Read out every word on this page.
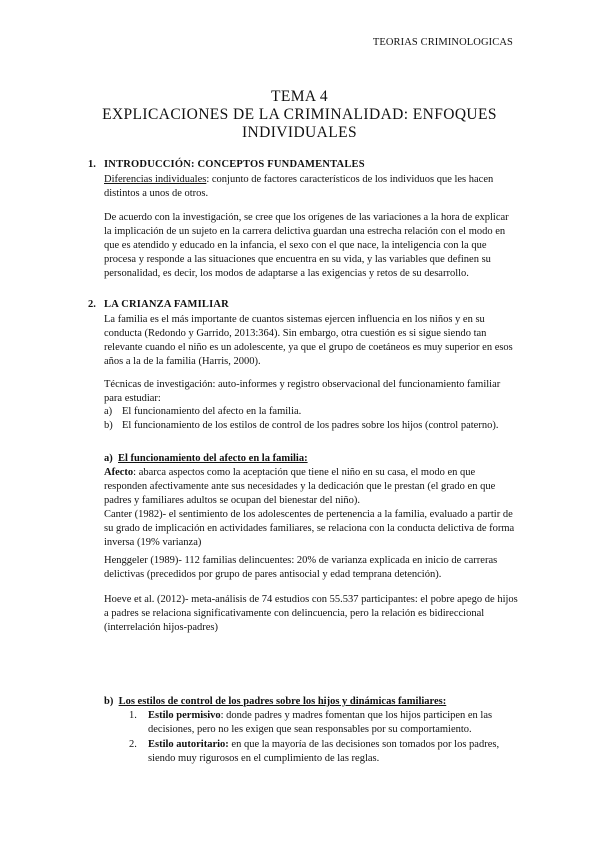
TEORIAS CRIMINOLOGICAS
TEMA 4
EXPLICACIONES DE LA CRIMINALIDAD: ENFOQUES
INDIVIDUALES
1. INTRODUCCIÓN: CONCEPTOS FUNDAMENTALES
Diferencias individuales: conjunto de factores característicos de los individuos que les hacen distintos a unos de otros.
De acuerdo con la investigación, se cree que los orígenes de las variaciones a la hora de explicar la implicación de un sujeto en la carrera delictiva guardan una estrecha relación con el modo en que es atendido y educado en la infancia, el sexo con el que nace, la inteligencia con la que procesa y responde a las situaciones que encuentra en su vida, y las variables que definen su personalidad, es decir, los modos de adaptarse a las exigencias y retos de su desarrollo.
2. LA CRIANZA FAMILIAR
La familia es el más importante de cuantos sistemas ejercen influencia en los niños y en su conducta (Redondo y Garrido, 2013:364). Sin embargo, otra cuestión es si sigue siendo tan relevante cuando el niño es un adolescente, ya que el grupo de coetáneos es muy superior en esos años a la de la familia (Harris, 2000).
Técnicas de investigación: auto-informes y registro observacional del funcionamiento familiar para estudiar:
a) El funcionamiento del afecto en la familia.
b) El funcionamiento de los estilos de control de los padres sobre los hijos (control paterno).
a) El funcionamiento del afecto en la familia:
Afecto: abarca aspectos como la aceptación que tiene el niño en su casa, el modo en que responden afectivamente ante sus necesidades y la dedicación que le prestan (el grado en que padres y familiares adultos se ocupan del bienestar del niño).
Canter (1982)- el sentimiento de los adolescentes de pertenencia a la familia, evaluado a partir de su grado de implicación en actividades familiares, se relaciona con la conducta delictiva de forma inversa (19% varianza)
Henggeler (1989)- 112 familias delincuentes: 20% de varianza explicada en inicio de carreras delictivas (precedidos por grupo de pares antisocial y edad temprana detención).
Hoeve et al. (2012)- meta-análisis de 74 estudios con 55.537 participantes: el pobre apego de hijos a padres se relaciona significativamente con delincuencia, pero la relación es bidireccional (interrelación hijos-padres)
b) Los estilos de control de los padres sobre los hijos y dinámicas familiares:
1. Estilo permisivo: donde padres y madres fomentan que los hijos participen en las decisiones, pero no les exigen que sean responsables por su comportamiento.
2. Estilo autoritario: en que la mayoría de las decisiones son tomados por los padres, siendo muy rigurosos en el cumplimiento de las reglas.
